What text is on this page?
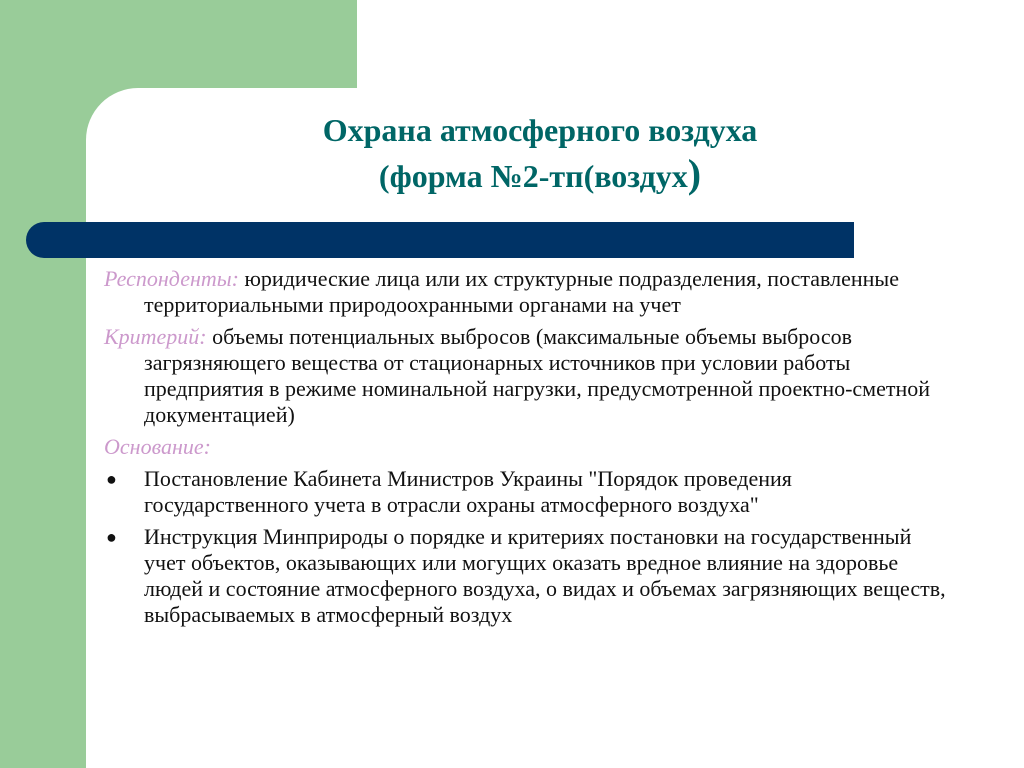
Охрана атмосферного воздуха
(форма №2-тп(воздух)
Респонденты: юридические лица или их структурные подразделения, поставленные территориальными природоохранными органами на учет
Критерий: объемы потенциальных выбросов (максимальные объемы выбросов загрязняющего вещества от стационарных источников при условии работы предприятия в режиме номинальной нагрузки, предусмотренной проектно-сметной документацией)
Основание:
● Постановление Кабинета Министров Украины "Порядок проведения государственного учета в отрасли охраны атмосферного воздуха"
● Инструкция Минприроды о порядке и критериях постановки на государственный учет объектов, оказывающих или могущих оказать вредное влияние на здоровье людей и состояние атмосферного воздуха, о видах и объемах загрязняющих веществ, выбрасываемых в атмосферный воздух
